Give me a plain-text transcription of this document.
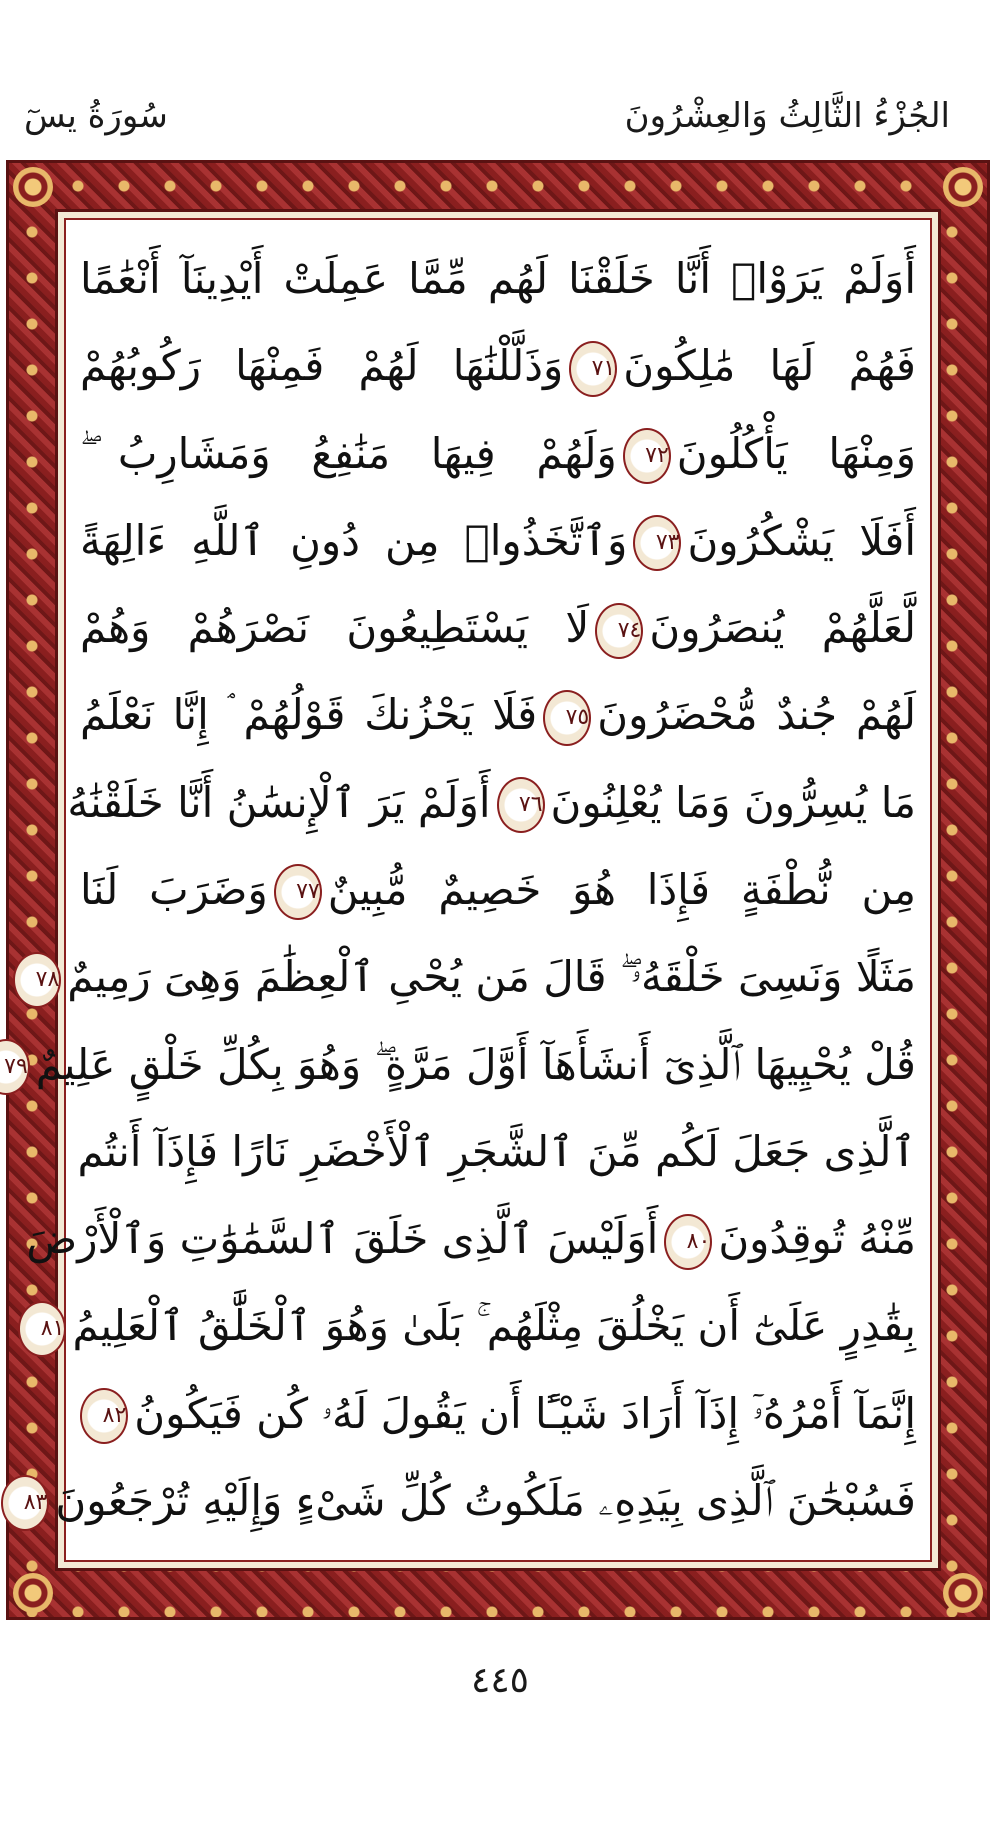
الجُزْءُ الثَّالِثُ وَالعِشْرُونَ
سُورَةُ يسٓ
أَوَلَمْ يَرَوْا۟ أَنَّا خَلَقْنَا لَهُم مِّمَّا عَمِلَتْ أَيْدِينَآ أَنْعَٰمًا
فَهُمْ لَهَا مَٰلِكُونَ٧١وَذَلَّلْنَٰهَا لَهُمْ فَمِنْهَا رَكُوبُهُمْ
وَمِنْهَا يَأْكُلُونَ٧٢وَلَهُمْ فِيهَا مَنَٰفِعُ وَمَشَارِبُ ۖ
أَفَلَا يَشْكُرُونَ٧٣وَٱتَّخَذُوا۟ مِن دُونِ ٱللَّهِ ءَالِهَةً
لَّعَلَّهُمْ يُنصَرُونَ٧٤لَا يَسْتَطِيعُونَ نَصْرَهُمْ وَهُمْ
لَهُمْ جُندٌ مُّحْضَرُونَ٧٥فَلَا يَحْزُنكَ قَوْلُهُمْ ۘ إِنَّا نَعْلَمُ
مَا يُسِرُّونَ وَمَا يُعْلِنُونَ٧٦أَوَلَمْ يَرَ ٱلْإِنسَٰنُ أَنَّا خَلَقْنَٰهُ
مِن نُّطْفَةٍ فَإِذَا هُوَ خَصِيمٌ مُّبِينٌ٧٧وَضَرَبَ لَنَا
مَثَلًا وَنَسِىَ خَلْقَهُۥ ۖ قَالَ مَن يُحْىِ ٱلْعِظَٰمَ وَهِىَ رَمِيمٌ٧٨
قُلْ يُحْيِيهَا ٱلَّذِىٓ أَنشَأَهَآ أَوَّلَ مَرَّةٍ ۖ وَهُوَ بِكُلِّ خَلْقٍ عَلِيمٌ٧٩
ٱلَّذِى جَعَلَ لَكُم مِّنَ ٱلشَّجَرِ ٱلْأَخْضَرِ نَارًا فَإِذَآ أَنتُم
مِّنْهُ تُوقِدُونَ٨٠أَوَلَيْسَ ٱلَّذِى خَلَقَ ٱلسَّمَٰوَٰتِ وَٱلْأَرْضَ
بِقَٰدِرٍ عَلَىٰٓ أَن يَخْلُقَ مِثْلَهُم ۚ بَلَىٰ وَهُوَ ٱلْخَلَّٰقُ ٱلْعَلِيمُ٨١
إِنَّمَآ أَمْرُهُۥٓ إِذَآ أَرَادَ شَيْـًٔا أَن يَقُولَ لَهُۥ كُن فَيَكُونُ٨٢
فَسُبْحَٰنَ ٱلَّذِى بِيَدِهِۦ مَلَكُوتُ كُلِّ شَىْءٍ وَإِلَيْهِ تُرْجَعُونَ٨٣
٤٤٥
